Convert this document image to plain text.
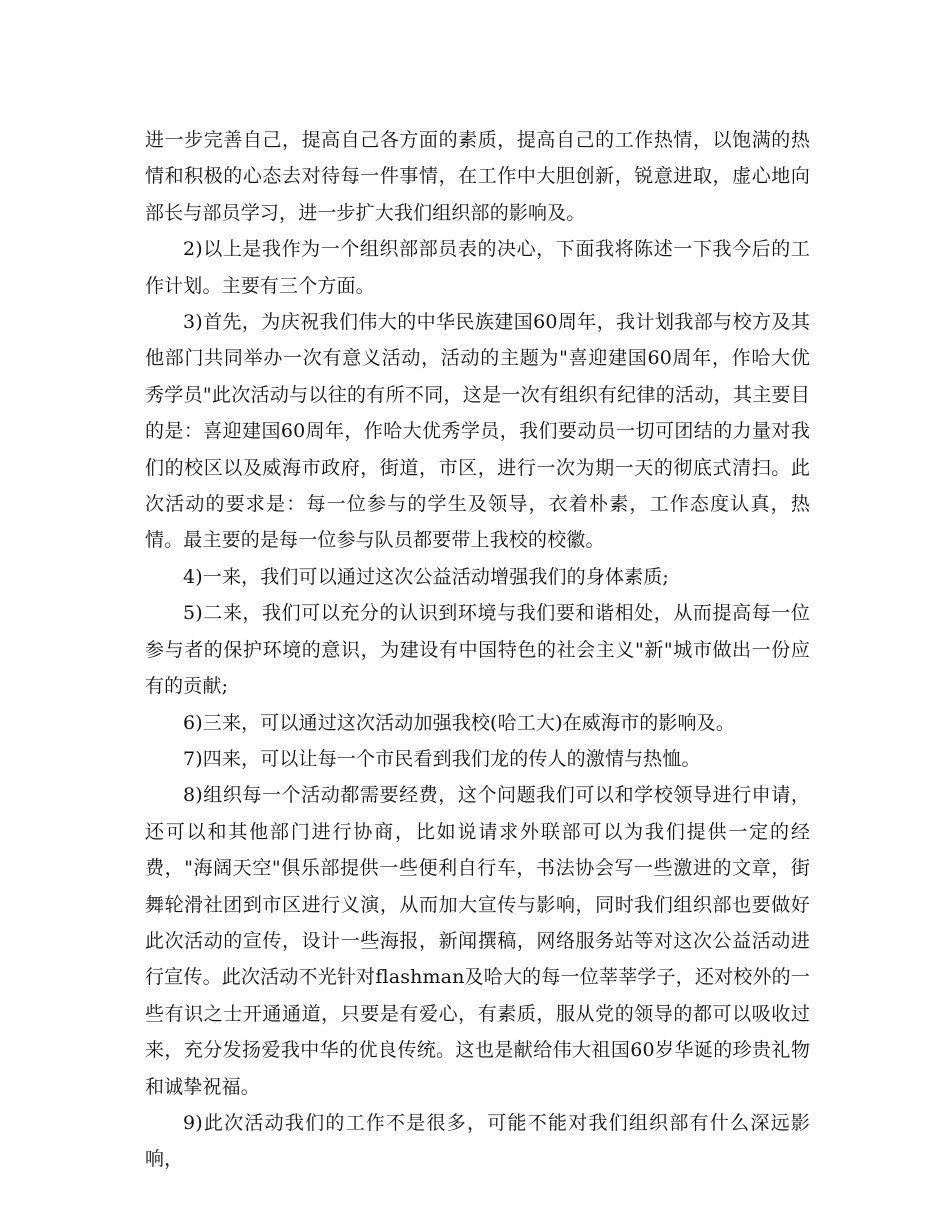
进一步完善自己，提高自己各方面的素质，提高自己的工作热情，以饱满的热情和积极的心态去对待每一件事情，在工作中大胆创新，锐意进取，虚心地向部长与部员学习，进一步扩大我们组织部的影响及。

2)以上是我作为一个组织部部员表的决心，下面我将陈述一下我今后的工作计划。主要有三个方面。

3)首先，为庆祝我们伟大的中华民族建国60周年，我计划我部与校方及其他部门共同举办一次有意义活动，活动的主题为"喜迎建国60周年，作哈大优秀学员"此次活动与以往的有所不同，这是一次有组织有纪律的活动，其主要目的是：喜迎建国60周年，作哈大优秀学员，我们要动员一切可团结的力量对我们的校区以及威海市政府，街道，市区，进行一次为期一天的彻底式清扫。此次活动的要求是：每一位参与的学生及领导，衣着朴素，工作态度认真，热情。最主要的是每一位参与队员都要带上我校的校徽。

4)一来，我们可以通过这次公益活动增强我们的身体素质;

5)二来，我们可以充分的认识到环境与我们要和谐相处，从而提高每一位参与者的保护环境的意识，为建设有中国特色的社会主义"新"城市做出一份应有的贡献;

6)三来，可以通过这次活动加强我校(哈工大)在威海市的影响及。

7)四来，可以让每一个市民看到我们龙的传人的激情与热恤。

8)组织每一个活动都需要经费，这个问题我们可以和学校领导进行申请，还可以和其他部门进行协商，比如说请求外联部可以为我们提供一定的经费，"海阔天空"俱乐部提供一些便利自行车，书法协会写一些激进的文章，街舞轮滑社团到市区进行义演，从而加大宣传与影响，同时我们组织部也要做好此次活动的宣传，设计一些海报，新闻撰稿，网络服务站等对这次公益活动进行宣传。此次活动不光针对flashman及哈大的每一位莘莘学子，还对校外的一些有识之士开通通道，只要是有爱心，有素质，服从党的领导的都可以吸收过来，充分发扬爱我中华的优良传统。这也是献给伟大祖国60岁华诞的珍贵礼物和诚挚祝福。

9)此次活动我们的工作不是很多，可能不能对我们组织部有什么深远影响，
